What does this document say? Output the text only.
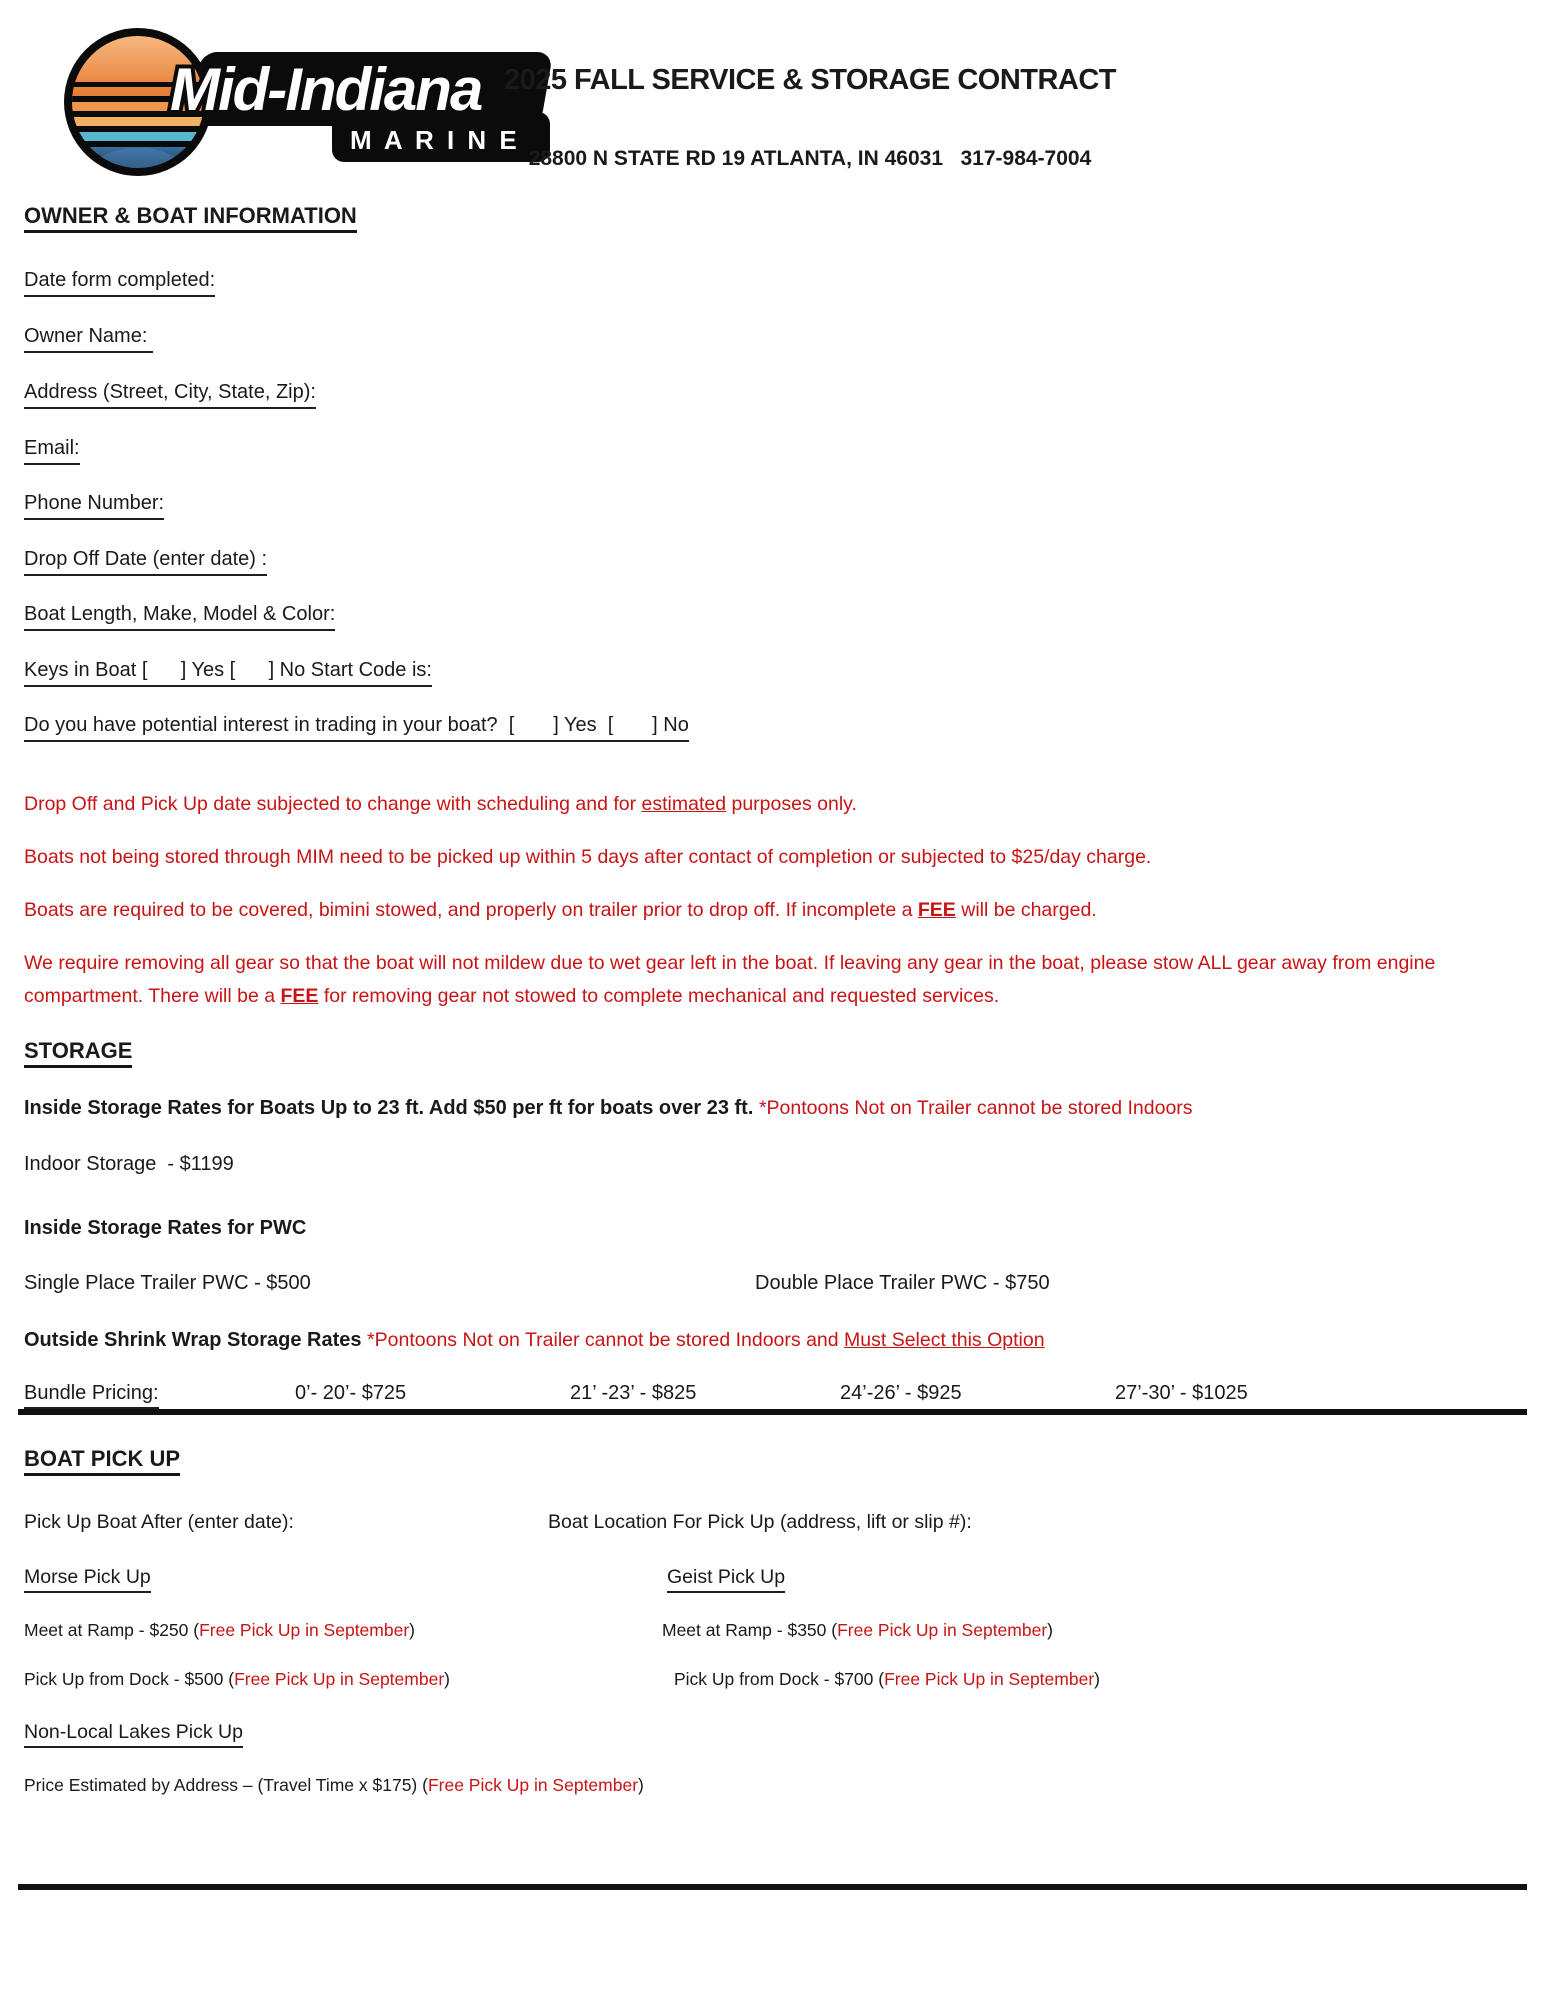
Mid-Indiana
M A R I N E
2025 FALL SERVICE & STORAGE CONTRACT
28800 N STATE RD 19 ATLANTA, IN 46031   317-984-7004
OWNER & BOAT INFORMATION
Date form completed:
Owner Name:
Address (Street, City, State, Zip):
Email:
Phone Number:
Drop Off Date (enter date) :
Boat Length, Make, Model & Color:
Keys in Boat [      ] Yes [      ] No Start Code is:
Do you have potential interest in trading in your boat?  [       ] Yes  [       ] No
Drop Off and Pick Up date subjected to change with scheduling and for estimated purposes only.
Boats not being stored through MIM need to be picked up within 5 days after contact of completion or subjected to $25/day charge.
Boats are required to be covered, bimini stowed, and properly on trailer prior to drop off. If incomplete a FEE will be charged.
We require removing all gear so that the boat will not mildew due to wet gear left in the boat. If leaving any gear in the boat, please stow ALL gear away from engine compartment. There will be a FEE for removing gear not stowed to complete mechanical and requested services.
STORAGE
Inside Storage Rates for Boats Up to 23 ft. Add $50 per ft for boats over 23 ft. *Pontoons Not on Trailer cannot be stored Indoors
Indoor Storage  - $1199
Inside Storage Rates for PWC
Single Place Trailer PWC - $500	Double Place Trailer PWC - $750
Outside Shrink Wrap Storage Rates *Pontoons Not on Trailer cannot be stored Indoors and Must Select this Option
Bundle Pricing:	0’- 20’- $725	21’ -23’ - $825	24’-26’ - $925	27’-30’ - $1025
BOAT PICK UP
Pick Up Boat After (enter date):	Boat Location For Pick Up (address, lift or slip #):
Morse Pick Up	Geist Pick Up
Meet at Ramp - $250 (Free Pick Up in September)	Meet at Ramp - $350 (Free Pick Up in September)
Pick Up from Dock - $500 (Free Pick Up in September)	Pick Up from Dock - $700 (Free Pick Up in September)
Non-Local Lakes Pick Up
Price Estimated by Address – (Travel Time x $175) (Free Pick Up in September)
